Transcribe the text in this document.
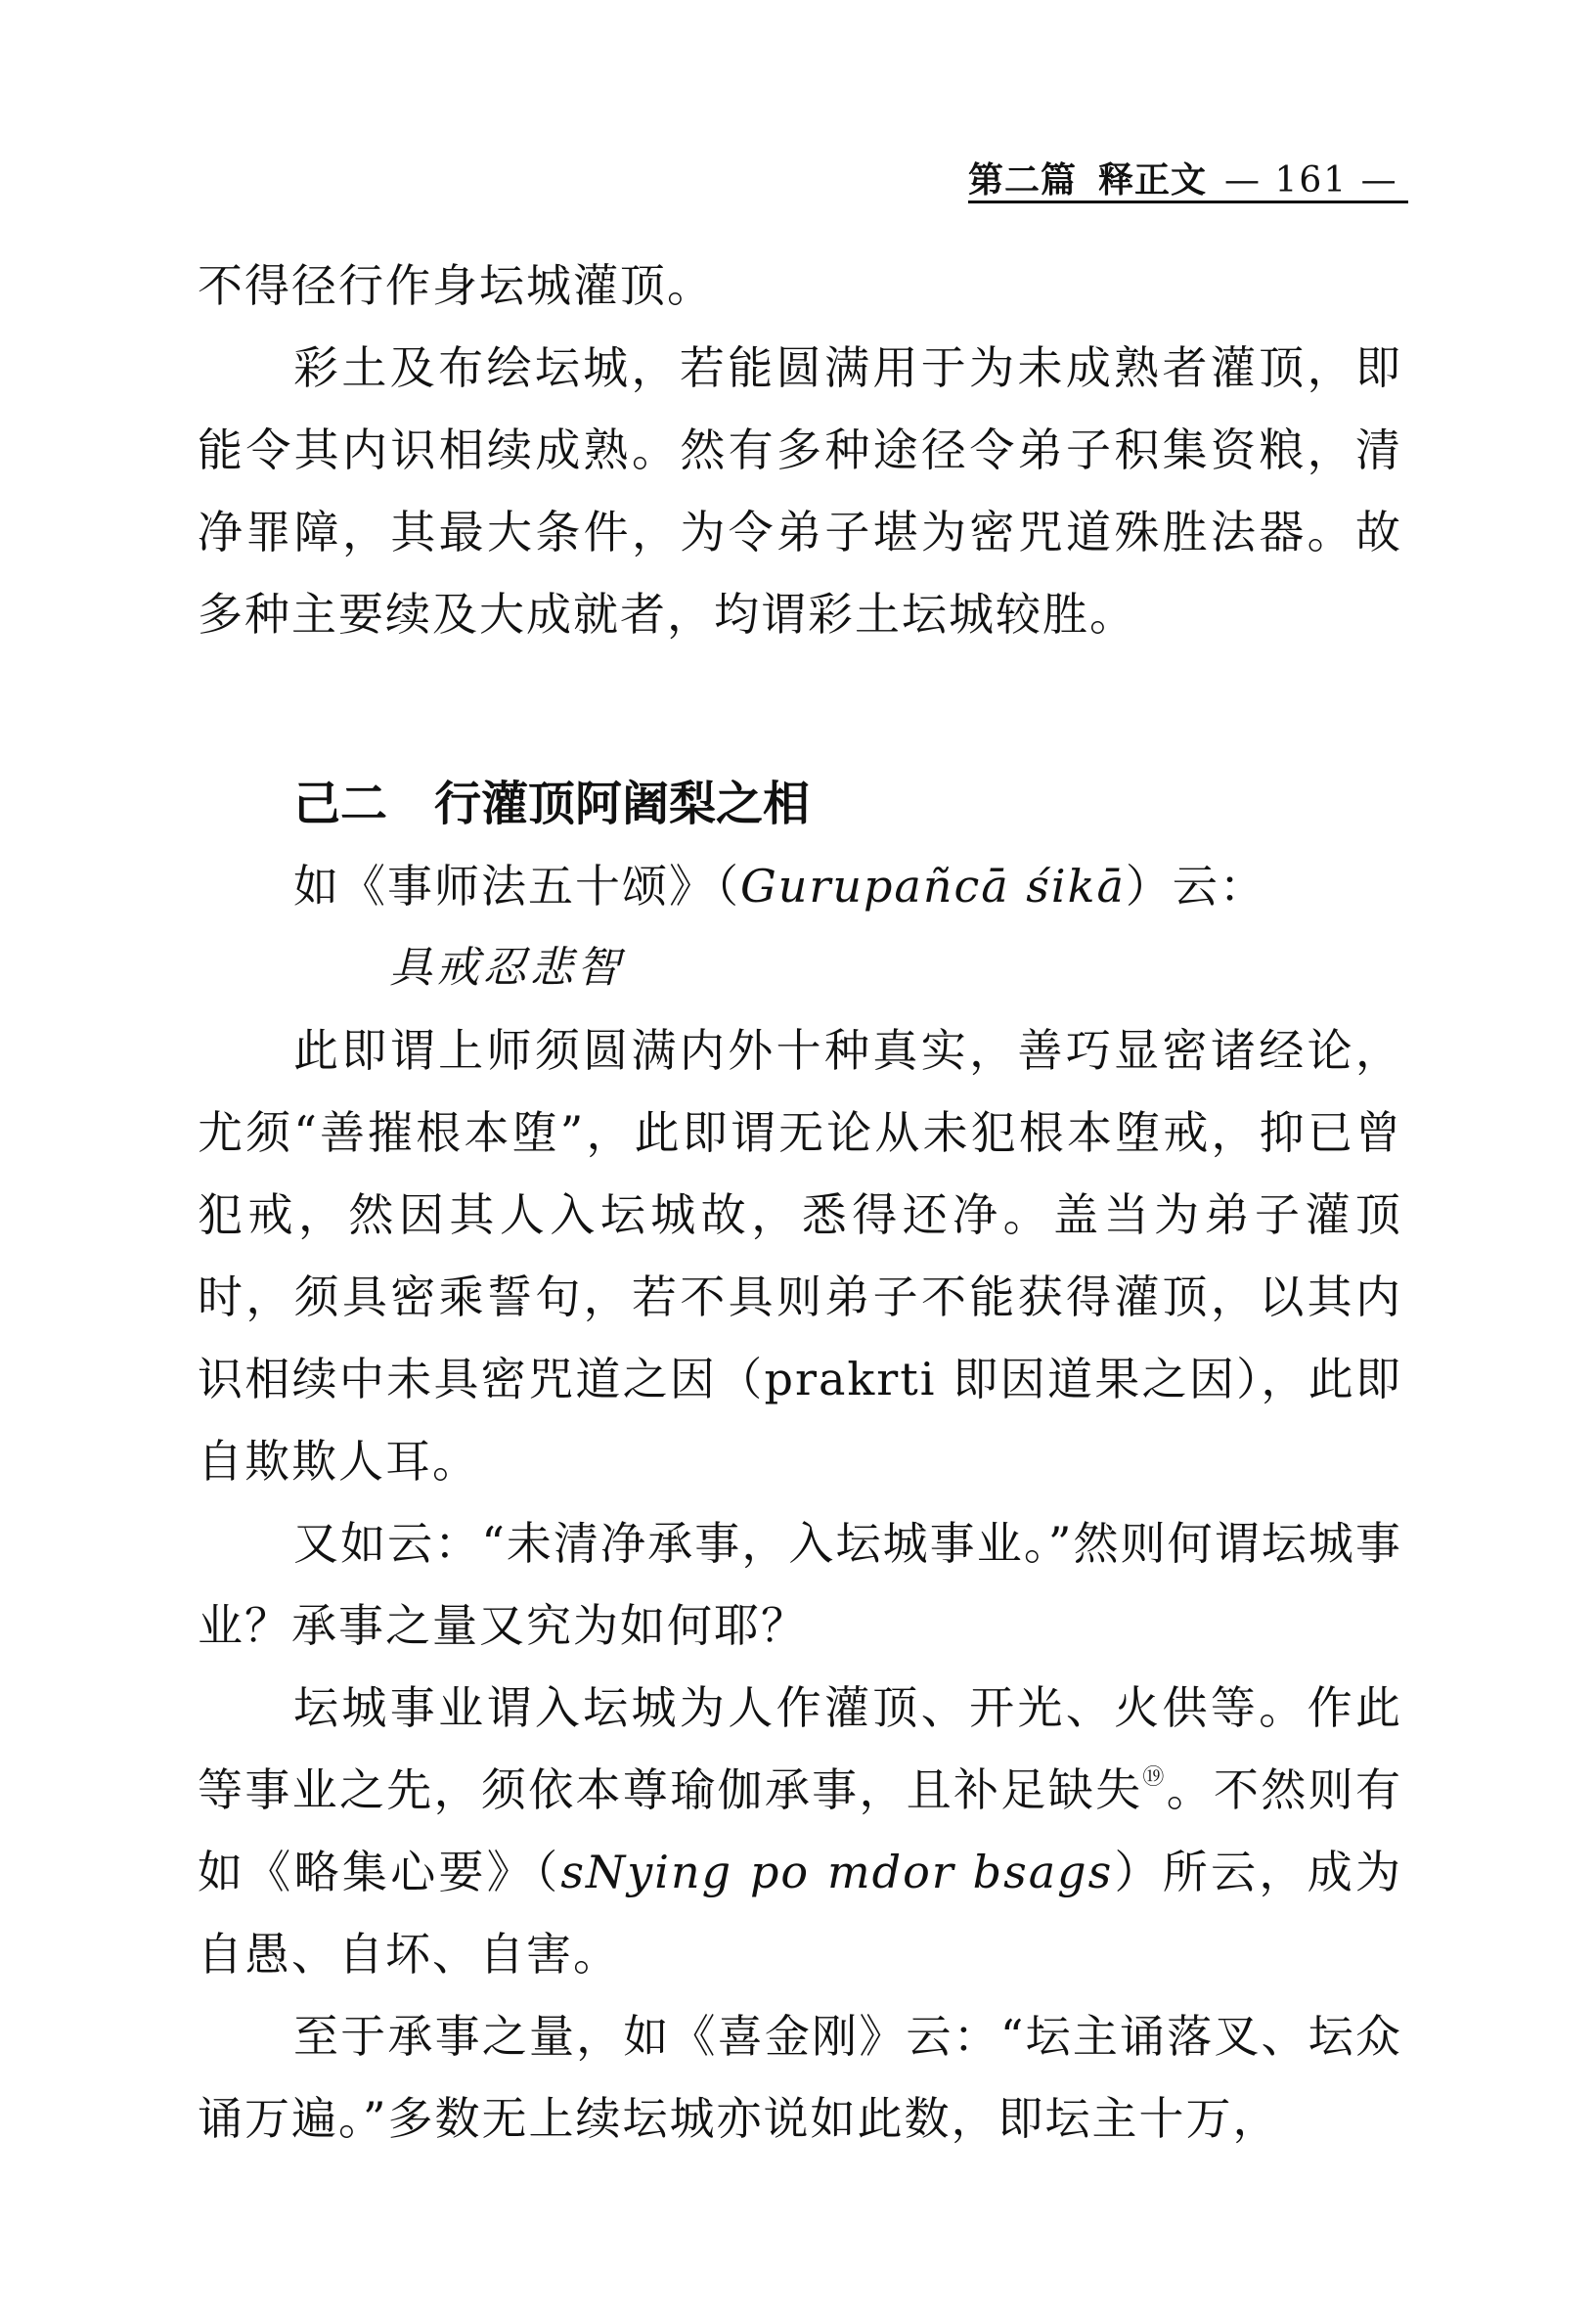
第二篇 释正文 — 161 —

不得径行作身坛城灌顶。

彩土及布绘坛城，若能圆满用于为未成熟者灌顶，即能令其内识相续成熟。然有多种途径令弟子积集资粮，清净罪障，其最大条件，为令弟子堪为密咒道殊胜法器。故多种主要续及大成就者，均谓彩土坛城较胜。

己二 行灌顶阿阇梨之相

如《事师法五十颂》（Gurupañcā śikā）云：

具戒忍悲智

此即谓上师须圆满内外十种真实，善巧显密诸经论，尤须“善摧根本堕”，此即谓无论从未犯根本堕戒，抑已曾犯戒，然因其人入坛城故，悉得还净。盖当为弟子灌顶时，须具密乘誓句，若不具则弟子不能获得灌顶，以其内识相续中未具密咒道之因（prakrti 即因道果之因），此即自欺欺人耳。

又如云：“未清净承事，入坛城事业。”然则何谓坛城事业？承事之量又究为如何耶？

坛城事业谓入坛城为人作灌顶、开光、火供等。作此等事业之先，须依本尊瑜伽承事，且补足缺失⑲。不然则有如《略集心要》（sNying po mdor bsags）所云，成为自愚、自坏、自害。

至于承事之量，如《喜金刚》云：“坛主诵落叉、坛众诵万遍。”多数无上续坛城亦说如此数，即坛主十万，
